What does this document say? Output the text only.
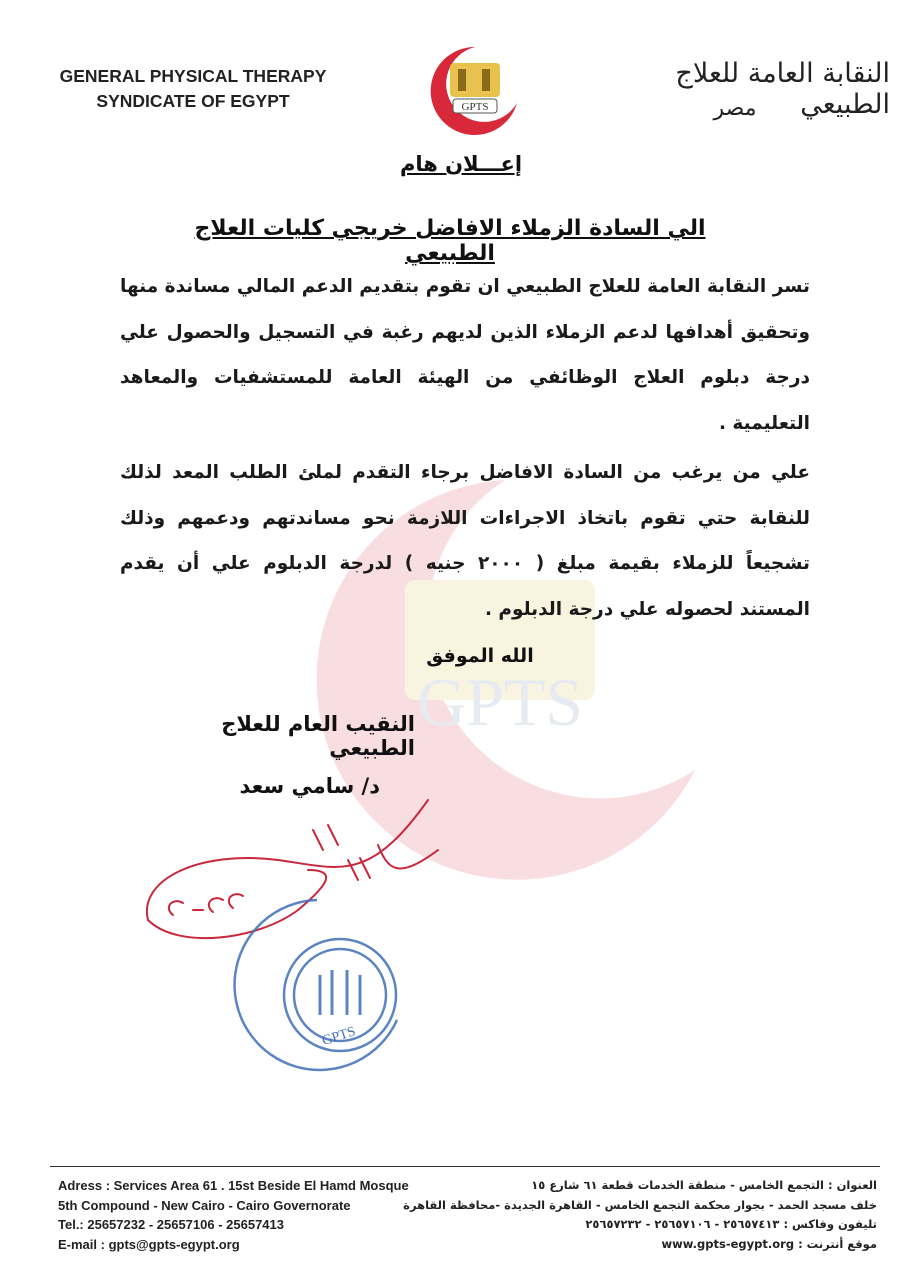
GPTS
GENERAL PHYSICAL THERAPY SYNDICATE OF EGYPT	GPTS
النقابة العامة للعلاج الطبيعي
مصر
إعـــلان هام
الي السادة الزملاء الافاضل خريجي كليات العلاج الطبيعي
تسر النقابة العامة للعلاج الطبيعي ان تقوم بتقديم الدعم المالي مساندة منها وتحقيق أهدافها لدعم الزملاء الذين لديهم رغبة في التسجيل والحصول علي درجة دبلوم العلاج الوظائفي من الهيئة العامة للمستشفيات والمعاهد التعليمية .
علي من يرغب من السادة الافاضل برجاء التقدم لملئ الطلب المعد لذلك للنقابة حتي تقوم باتخاذ الاجراءات اللازمة نحو مساندتهم ودعمهم وذلك تشجيعاً للزملاء بقيمة مبلغ ( ٢٠٠٠ جنيه ) لدرجة الدبلوم علي أن يقدم المستند لحصوله علي درجة الدبلوم .
الله الموفق
النقيب العام للعلاج الطبيعي
د/ سامي سعد
GPTS
Adress : Services Area 61 . 15st Beside El Hamd Mosque
5th Compound - New Cairo - Cairo Governorate
Tel.: 25657232 - 25657106 - 25657413
E-mail : gpts@gpts-egypt.org
العنوان : التجمع الخامس - منطقة الخدمات قطعة ٦١ شارع ١٥
خلف مسجد الحمد - بجوار محكمة التجمع الخامس - القاهرة الجديدة -محافظة القاهرة
تليفون وفاكس : ٢٥٦٥٧٤١٣ - ٢٥٦٥٧١٠٦ - ٢٥٦٥٧٢٣٢
موقع أنترنت : www.gpts-egypt.org
